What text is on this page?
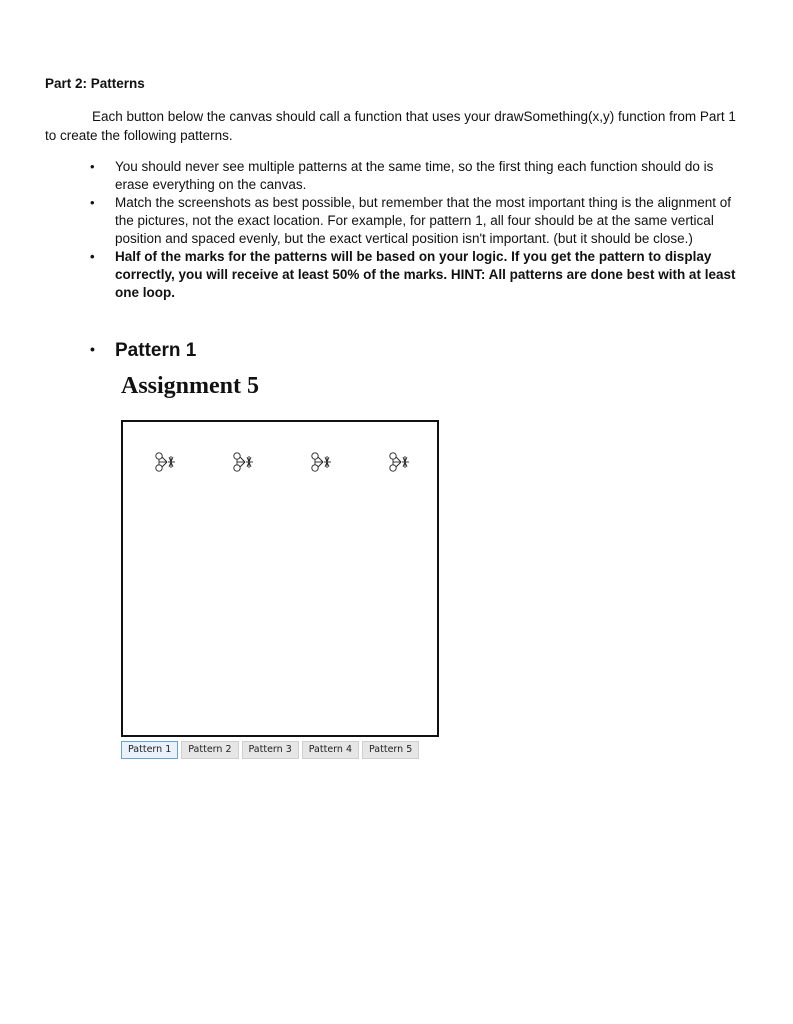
Part 2: Patterns
Each button below the canvas should call a function that uses your drawSomething(x,y) function from Part 1 to create the following patterns.
• You should never see multiple patterns at the same time, so the first thing each function should do is erase everything on the canvas.
• Match the screenshots as best possible, but remember that the most important thing is the alignment of the pictures, not the exact location. For example, for pattern 1, all four should be at the same vertical position and spaced evenly, but the exact vertical position isn't important. (but it should be close.)
• Half of the marks for the patterns will be based on your logic. If you get the pattern to display correctly, you will receive at least 50% of the marks. HINT: All patterns are done best with at least one loop.
• Pattern 1
Assignment 5
Pattern 1	Pattern 2	Pattern 3	Pattern 4	Pattern 5
